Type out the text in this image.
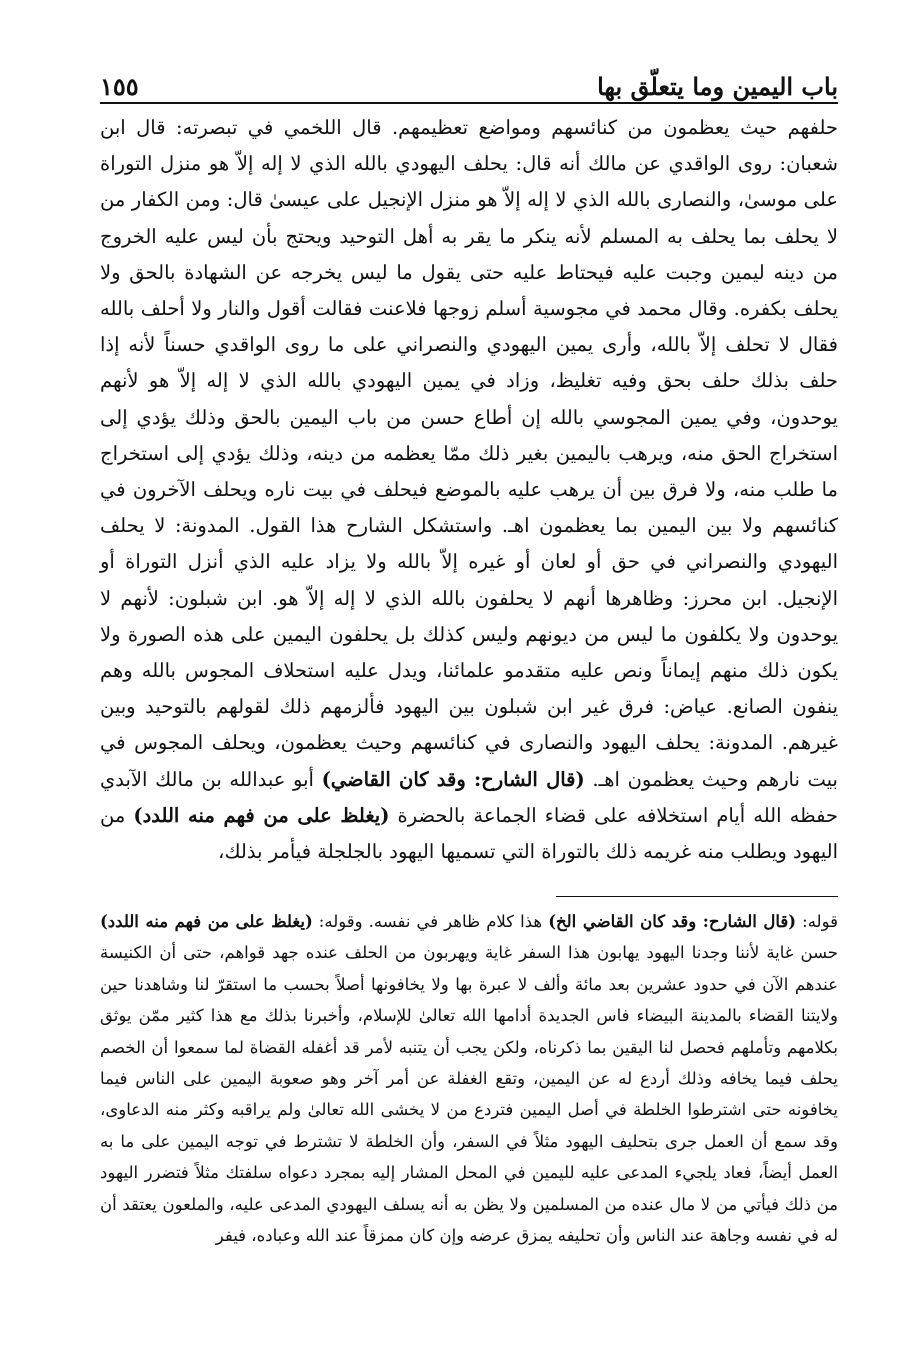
باب اليمين وما يتعلّق بها
١٥٥

حلفهم حيث يعظمون من كنائسهم ومواضع تعظيمهم. قال اللخمي في تبصرته: قال ابن شعبان: روى الواقدي عن مالك أنه قال: يحلف اليهودي بالله الذي لا إله إلاّ هو منزل التوراة على موسىٰ، والنصارى بالله الذي لا إله إلاّ هو منزل الإنجيل على عيسىٰ قال: ومن الكفار من لا يحلف بما يحلف به المسلم لأنه ينكر ما يقر به أهل التوحيد ويحتج بأن ليس عليه الخروج من دينه ليمين وجبت عليه فيحتاط عليه حتى يقول ما ليس يخرجه عن الشهادة بالحق ولا يحلف بكفره. وقال محمد في مجوسية أسلم زوجها فلاعنت فقالت أقول والنار ولا أحلف بالله فقال لا تحلف إلاّ بالله، وأرى يمين اليهودي والنصراني على ما روى الواقدي حسناً لأنه إذا حلف بذلك حلف بحق وفيه تغليظ، وزاد في يمين اليهودي بالله الذي لا إله إلاّ هو لأنهم يوحدون، وفي يمين المجوسي بالله إن أطاع حسن من باب اليمين بالحق وذلك يؤدي إلى استخراج الحق منه، ويرهب باليمين بغير ذلك ممّا يعظمه من دينه، وذلك يؤدي إلى استخراج ما طلب منه، ولا فرق بين أن يرهب عليه بالموضع فيحلف في بيت ناره ويحلف الآخرون في كنائسهم ولا بين اليمين بما يعظمون اهـ. واستشكل الشارح هذا القول. المدونة: لا يحلف اليهودي والنصراني في حق أو لعان أو غيره إلاّ بالله ولا يزاد عليه الذي أنزل التوراة أو الإنجيل. ابن محرز: وظاهرها أنهم لا يحلفون بالله الذي لا إله إلاّ هو. ابن شبلون: لأنهم لا يوحدون ولا يكلفون ما ليس من ديونهم وليس كذلك بل يحلفون اليمين على هذه الصورة ولا يكون ذلك منهم إيماناً ونص عليه متقدمو علمائنا، ويدل عليه استحلاف المجوس بالله وهم ينفون الصانع. عياض: فرق غير ابن شبلون بين اليهود فألزمهم ذلك لقولهم بالتوحيد وبين غيرهم. المدونة: يحلف اليهود والنصارى في كنائسهم وحيث يعظمون، ويحلف المجوس في بيت نارهم وحيث يعظمون اهـ. (قال الشارح: وقد كان القاضي) أبو عبدالله بن مالك الآبدي حفظه الله أيام استخلافه على قضاء الجماعة بالحضرة (يغلظ على من فهم منه اللدد) من اليهود ويطلب منه غريمه ذلك بالتوراة التي تسميها اليهود بالجلجلة فيأمر بذلك،

قوله: (قال الشارح: وقد كان القاضي الخ) هذا كلام ظاهر في نفسه. وقوله: (يغلظ على من فهم منه اللدد) حسن غاية لأننا وجدنا اليهود يهابون هذا السفر غاية ويهربون من الحلف عنده جهد قواهم، حتى أن الكنيسة عندهم الآن في حدود عشرين بعد مائة وألف لا عبرة بها ولا يخافونها أصلاً بحسب ما استقرّ لنا وشاهدنا حين ولايتنا القضاء بالمدينة البيضاء فاس الجديدة أدامها الله تعالىٰ للإسلام، وأخبرنا بذلك مع هذا كثير ممّن يوثق بكلامهم وتأملهم فحصل لنا اليقين بما ذكرناه، ولكن يجب أن يتنبه لأمر قد أغفله القضاة لما سمعوا أن الخصم يحلف فيما يخافه وذلك أردع له عن اليمين، وتقع الغفلة عن أمر آخر وهو صعوبة اليمين على الناس فيما يخافونه حتى اشترطوا الخلطة في أصل اليمين فتردع من لا يخشى الله تعالىٰ ولم يراقبه وكثر منه الدعاوى، وقد سمع أن العمل جرى بتحليف اليهود مثلاً في السفر، وأن الخلطة لا تشترط في توجه اليمين على ما به العمل أيضاً، فعاد يلجيء المدعى عليه لليمين في المحل المشار إليه بمجرد دعواه سلفتك مثلاً فتضرر اليهود من ذلك فيأتي من لا مال عنده من المسلمين ولا يظن به أنه يسلف اليهودي المدعى عليه، والملعون يعتقد أن له في نفسه وجاهة عند الناس وأن تحليفه يمزق عرضه وإن كان ممزقاً عند الله وعباده، فيفر
